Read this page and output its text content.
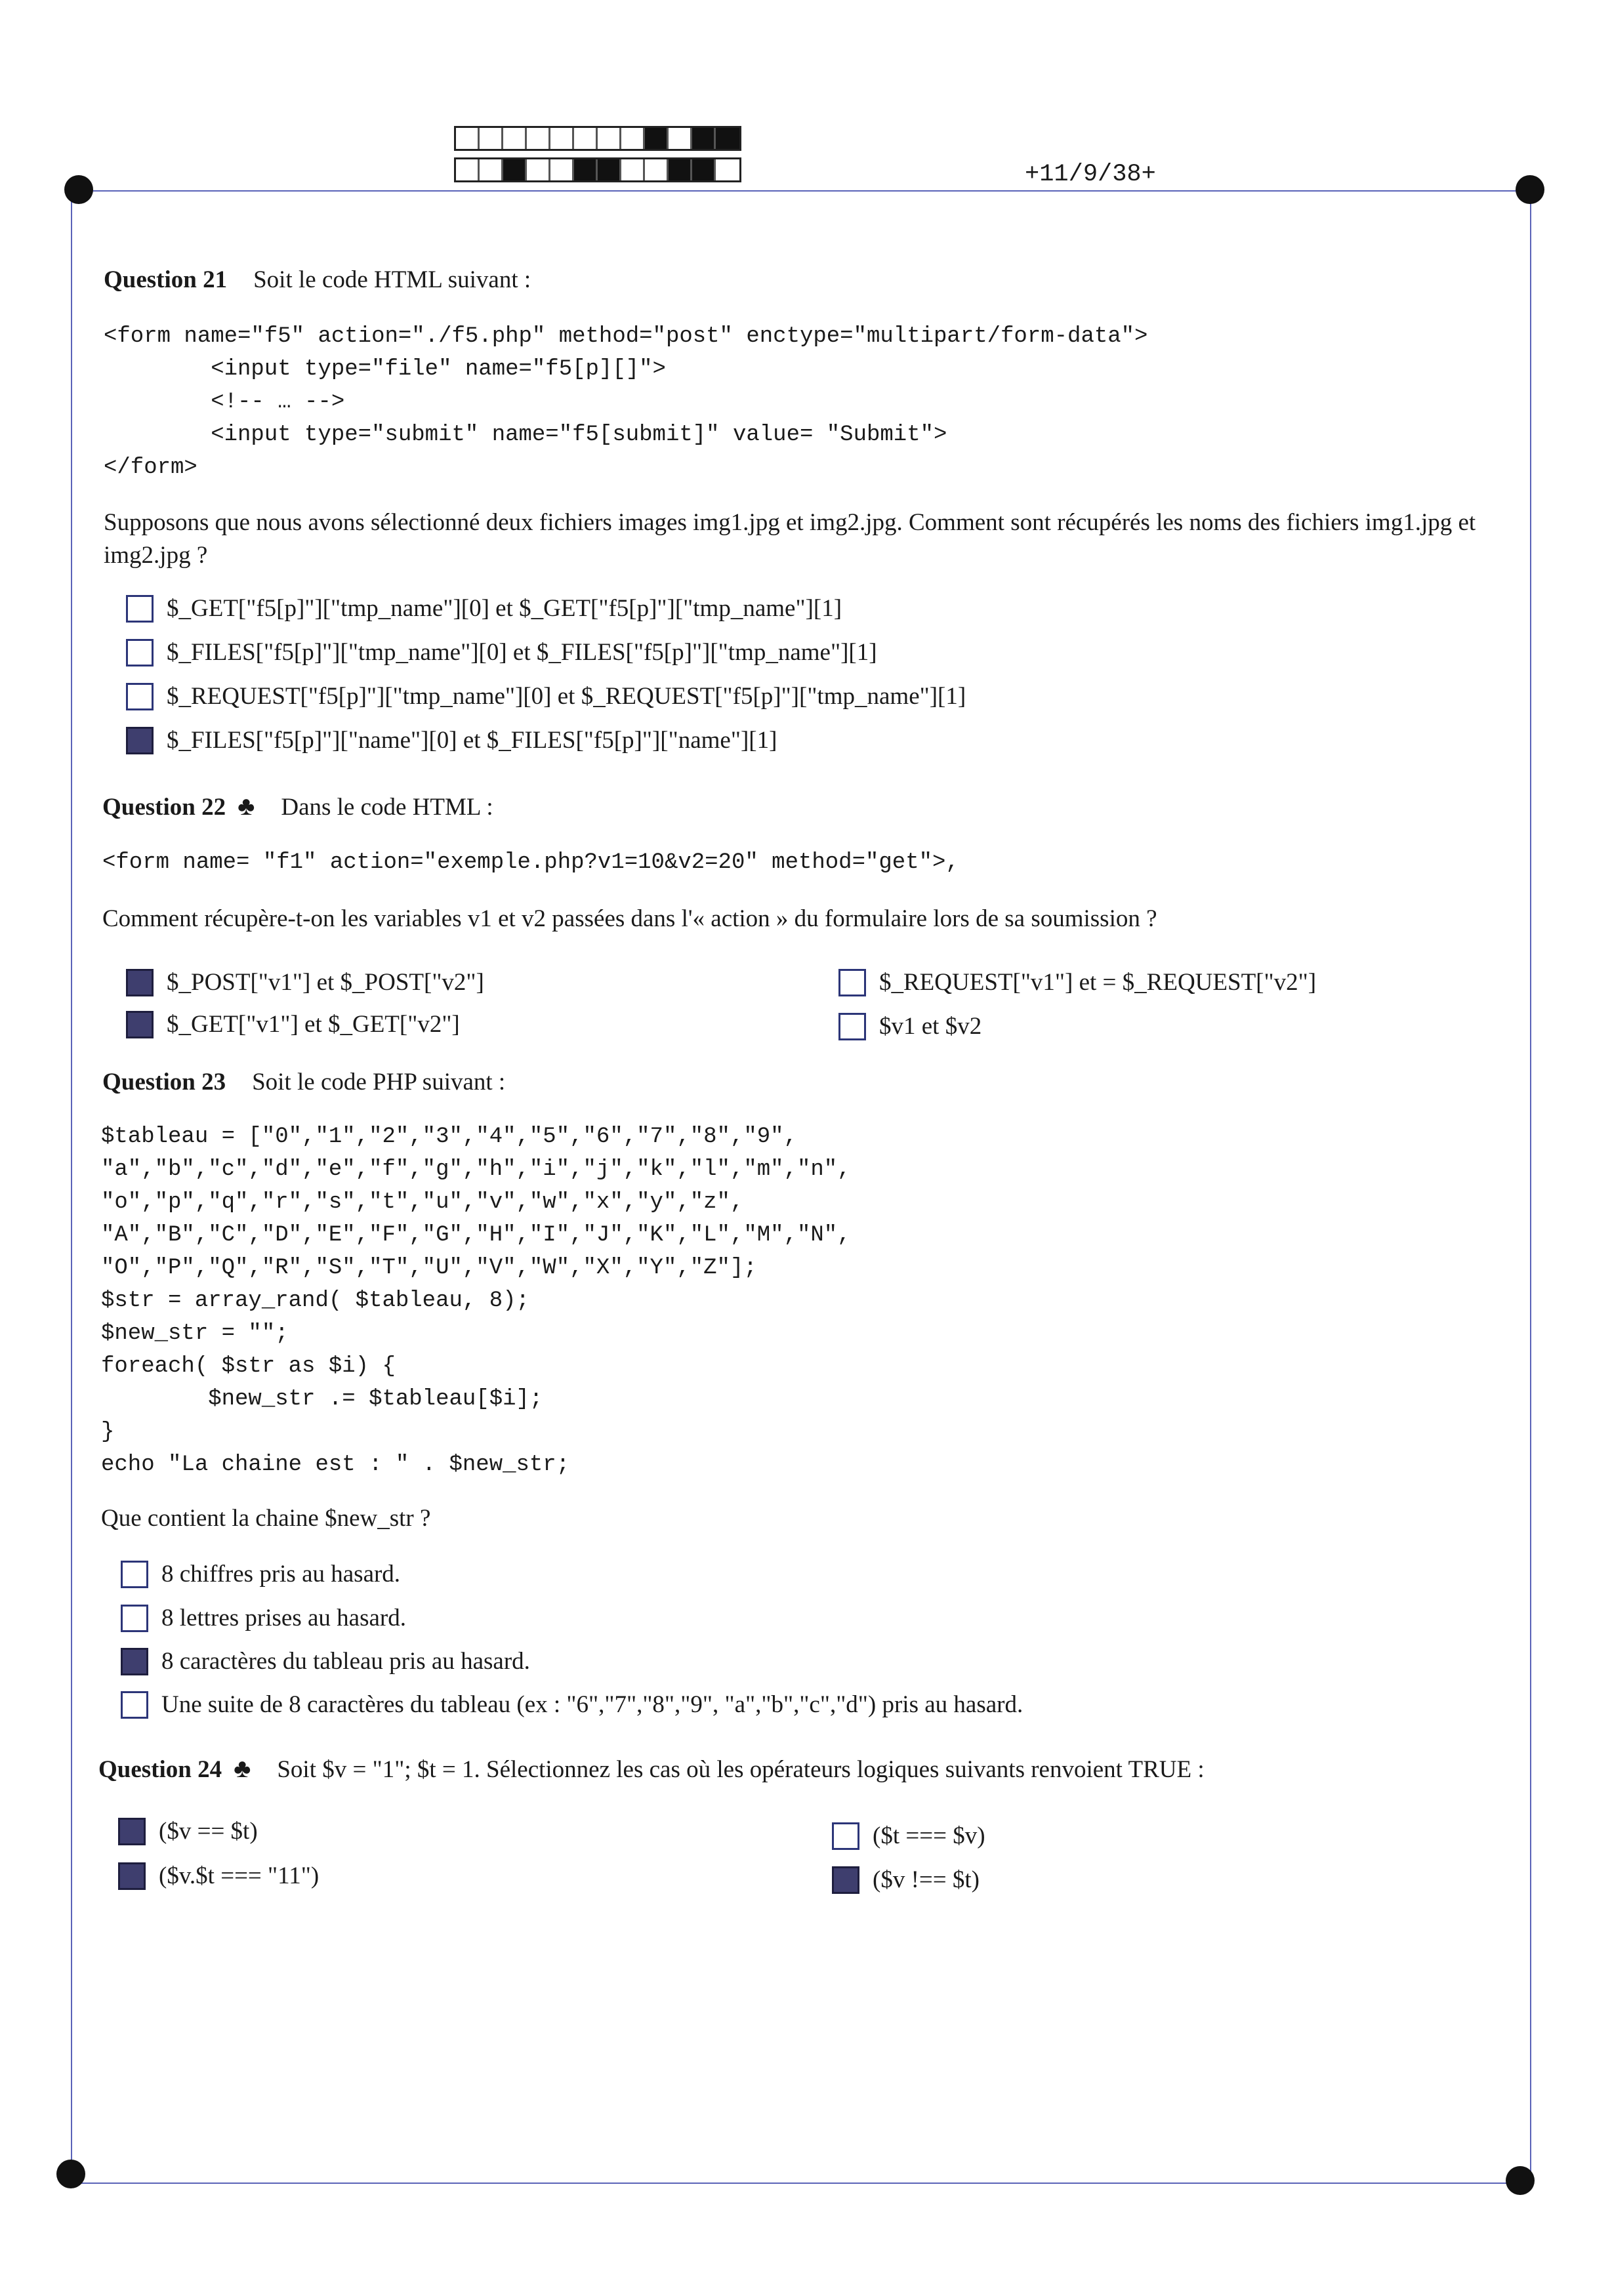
+11/9/38+
Question 21 Soit le code HTML suivant :
<form name="f5" action="./f5.php" method="post" enctype="multipart/form-data">
<input type="file" name="f5[p][]">
<!-- … -->
<input type="submit" name="f5[submit]" value= "Submit">
</form>
Supposons que nous avons sélectionné deux fichiers images img1.jpg et img2.jpg. Comment sont récupérés les noms des fichiers img1.jpg et img2.jpg ?
$_GET["f5[p]"]["tmp_name"][0] et $_GET["f5[p]"]["tmp_name"][1]
$_FILES["f5[p]"]["tmp_name"][0] et $_FILES["f5[p]"]["tmp_name"][1]
$_REQUEST["f5[p]"]["tmp_name"][0] et $_REQUEST["f5[p]"]["tmp_name"][1]
$_FILES["f5[p]"]["name"][0] et $_FILES["f5[p]"]["name"][1]
Question 22 ♣ Dans le code HTML :
<form name= "f1" action="exemple.php?v1=10&v2=20" method="get">,
Comment récupère-t-on les variables v1 et v2 passées dans l'« action » du formulaire lors de sa soumission ?
$_POST["v1"] et $_POST["v2"]
$_GET["v1"] et $_GET["v2"]
$_REQUEST["v1"] et = $_REQUEST["v2"]
$v1 et $v2
Question 23 Soit le code PHP suivant :
$tableau = ["0","1","2","3","4","5","6","7","8","9",
"a","b","c","d","e","f","g","h","i","j","k","l","m","n",
"o","p","q","r","s","t","u","v","w","x","y","z",
"A","B","C","D","E","F","G","H","I","J","K","L","M","N",
"O","P","Q","R","S","T","U","V","W","X","Y","Z"];
$str = array_rand( $tableau, 8);
$new_str = "";
foreach( $str as $i) {
$new_str .= $tableau[$i];
}
echo "La chaine est : " . $new_str;
Que contient la chaine $new_str ?
8 chiffres pris au hasard.
8 lettres prises au hasard.
8 caractères du tableau pris au hasard.
Une suite de 8 caractères du tableau (ex : "6","7","8","9", "a","b","c","d") pris au hasard.
Question 24 ♣ Soit $v = "1"; $t = 1. Sélectionnez les cas où les opérateurs logiques suivants renvoient TRUE :
($v == $t)
($v.$t === "11")
($t === $v)
($v !== $t)
